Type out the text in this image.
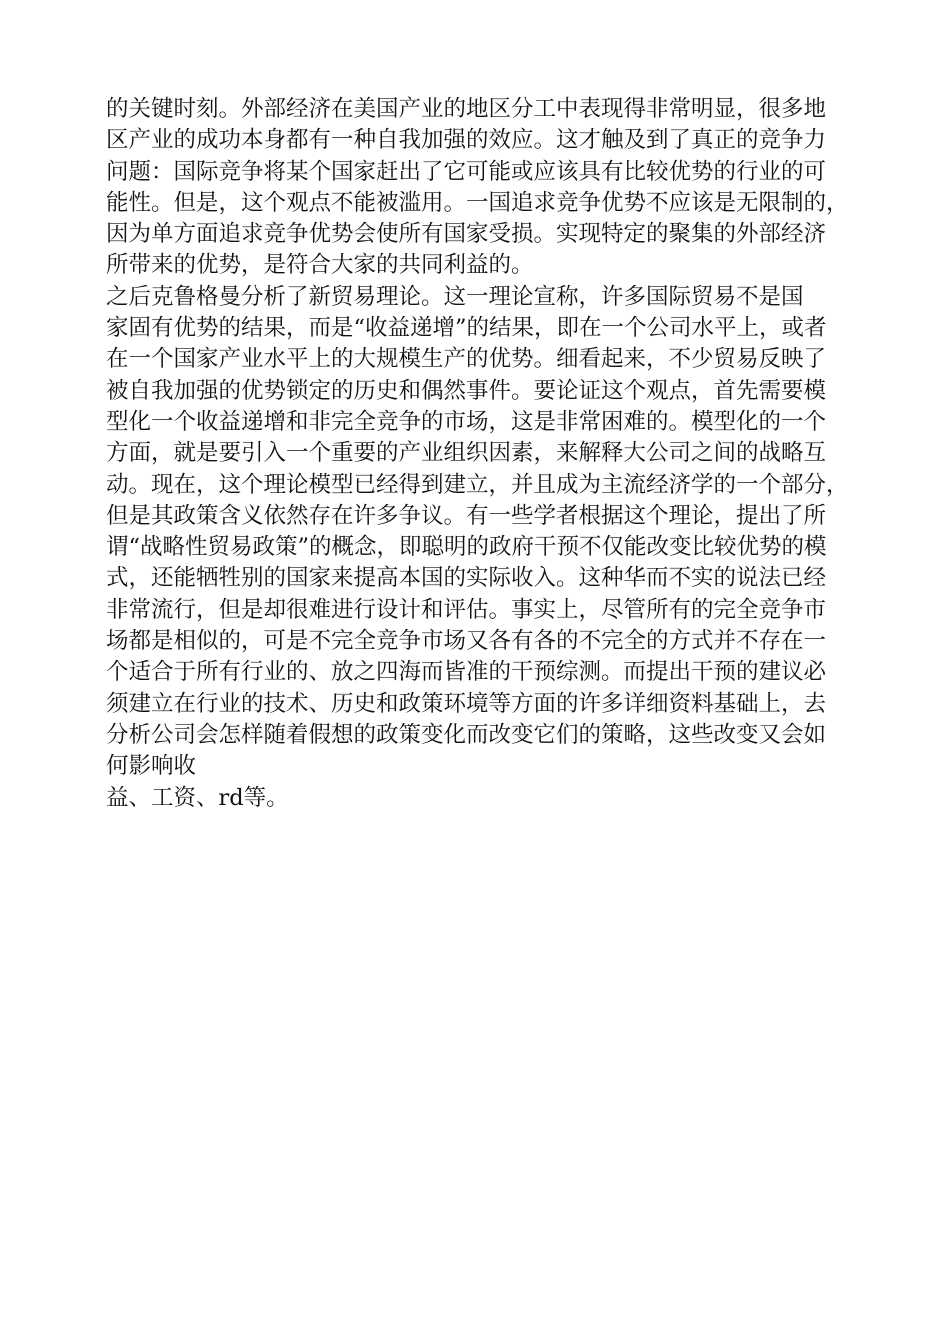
的关键时刻。外部经济在美国产业的地区分工中表现得非常明显，很多地
区产业的成功本身都有一种自我加强的效应。这才触及到了真正的竞争力
问题：国际竞争将某个国家赶出了它可能或应该具有比较优势的行业的可
能性。但是，这个观点不能被滥用。一国追求竞争优势不应该是无限制的，
因为单方面追求竞争优势会使所有国家受损。实现特定的聚集的外部经济
所带来的优势，是符合大家的共同利益的。
之后克鲁格曼分析了新贸易理论。这一理论宣称，许多国际贸易不是国
家固有优势的结果，而是“收益递增”的结果，即在一个公司水平上，或者
在一个国家产业水平上的大规模生产的优势。细看起来，不少贸易反映了
被自我加强的优势锁定的历史和偶然事件。要论证这个观点，首先需要模
型化一个收益递增和非完全竞争的市场，这是非常困难的。模型化的一个
方面，就是要引入一个重要的产业组织因素，来解释大公司之间的战略互
动。现在，这个理论模型已经得到建立，并且成为主流经济学的一个部分，
但是其政策含义依然存在许多争议。有一些学者根据这个理论，提出了所
谓“战略性贸易政策”的概念，即聪明的政府干预不仅能改变比较优势的模
式，还能牺牲别的国家来提高本国的实际收入。这种华而不实的说法已经
非常流行，但是却很难进行设计和评估。事实上，尽管所有的完全竞争市
场都是相似的，可是不完全竞争市场又各有各的不完全的方式并不存在一
个适合于所有行业的、放之四海而皆准的干预综测。而提出干预的建议必
须建立在行业的技术、历史和政策环境等方面的许多详细资料基础上，去
分析公司会怎样随着假想的政策变化而改变它们的策略，这些改变又会如
何影响收
益、工资、rd等。
